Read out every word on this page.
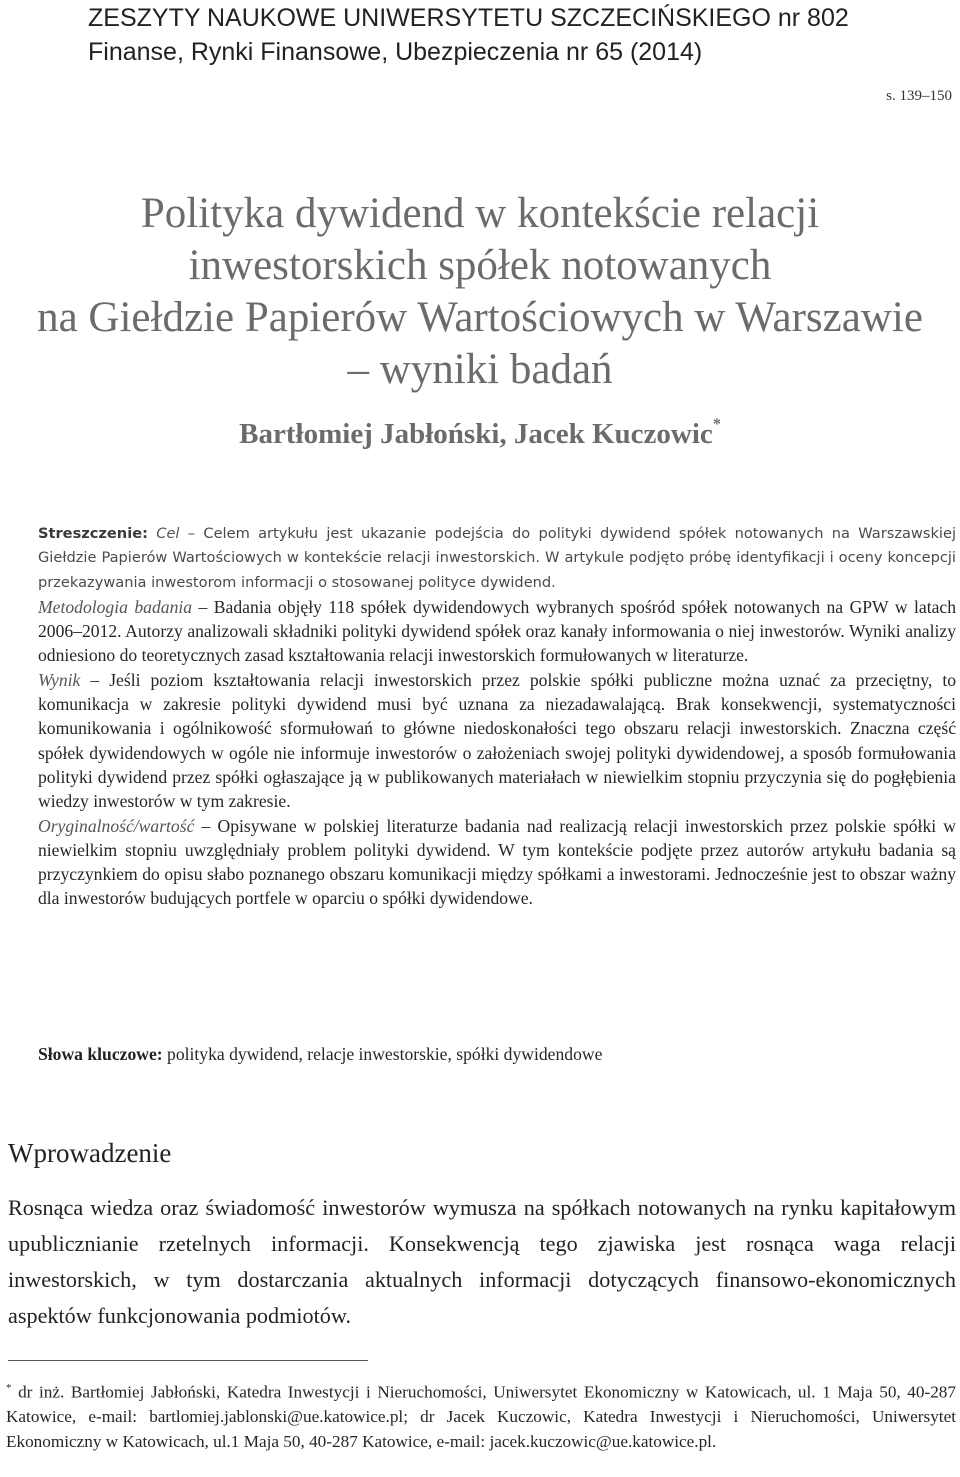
ZESZYTY NAUKOWE UNIWERSYTETU SZCZECIŃSKIEGO nr 802
Finanse, Rynki Finansowe, Ubezpieczenia nr 65 (2014)
s. 139–150
Polityka dywidend w kontekście relacji
inwestorskich spółek notowanych
na Giełdzie Papierów Wartościowych w Warszawie
– wyniki badań
Bartłomiej Jabłoński, Jacek Kuczowic*

Streszczenie: Cel – Celem artykułu jest ukazanie podejścia do polityki dywidend spółek notowanych na Warszawskiej Giełdzie Papierów Wartościowych w kontekście relacji inwestorskich. W artykule podjęto próbę identyfikacji i oceny koncepcji przekazywania inwestorom informacji o stosowanej polityce dywidend.

Metodologia badania – Badania objęły 118 spółek dywidendowych wybranych spośród spółek notowanych na GPW w latach 2006–2012. Autorzy analizowali składniki polityki dywidend spółek oraz kanały informowania o niej inwestorów. Wyniki analizy odniesiono do teoretycznych zasad kształtowania relacji inwestorskich formułowanych w literaturze.

Wynik – Jeśli poziom kształtowania relacji inwestorskich przez polskie spółki publiczne można uznać za przeciętny, to komunikacja w zakresie polityki dywidend musi być uznana za niezadawalającą. Brak konsekwencji, systematyczności komunikowania i ogólnikowość sformułowań to główne niedoskonałości tego obszaru relacji inwestorskich. Znaczna część spółek dywidendowych w ogóle nie informuje inwestorów o założeniach swojej polityki dywidendowej, a sposób formułowania polityki dywidend przez spółki ogłaszające ją w publikowanych materiałach w niewielkim stopniu przyczynia się do pogłębienia wiedzy inwestorów w tym zakresie.

Oryginalność/wartość – Opisywane w polskiej literaturze badania nad realizacją relacji inwestorskich przez polskie spółki w niewielkim stopniu uwzględniały problem polityki dywidend. W tym kontekście podjęte przez autorów artykułu badania są przyczynkiem do opisu słabo poznanego obszaru komunikacji między spółkami a inwestorami. Jednocześnie jest to obszar ważny dla inwestorów budujących portfele w oparciu o spółki dywidendowe.

Słowa kluczowe: polityka dywidend, relacje inwestorskie, spółki dywidendowe
Wprowadzenie

Rosnąca wiedza oraz świadomość inwestorów wymusza na spółkach notowanych na rynku kapitałowym upublicznianie rzetelnych informacji. Konsekwencją tego zjawiska jest rosnąca waga relacji inwestorskich, w tym dostarczania aktualnych informacji dotyczących finansowo-ekonomicznych aspektów funkcjonowania podmiotów.

* dr inż. Bartłomiej Jabłoński, Katedra Inwestycji i Nieruchomości, Uniwersytet Ekonomiczny w Katowicach, ul. 1 Maja 50, 40-287 Katowice, e-mail: bartlomiej.jablonski@ue.katowice.pl; dr Jacek Kuczowic, Katedra Inwestycji i Nieruchomości, Uniwersytet Ekonomiczny w Katowicach, ul.1 Maja 50, 40-287 Katowice, e-mail: jacek.kuczowic@ue.katowice.pl.
